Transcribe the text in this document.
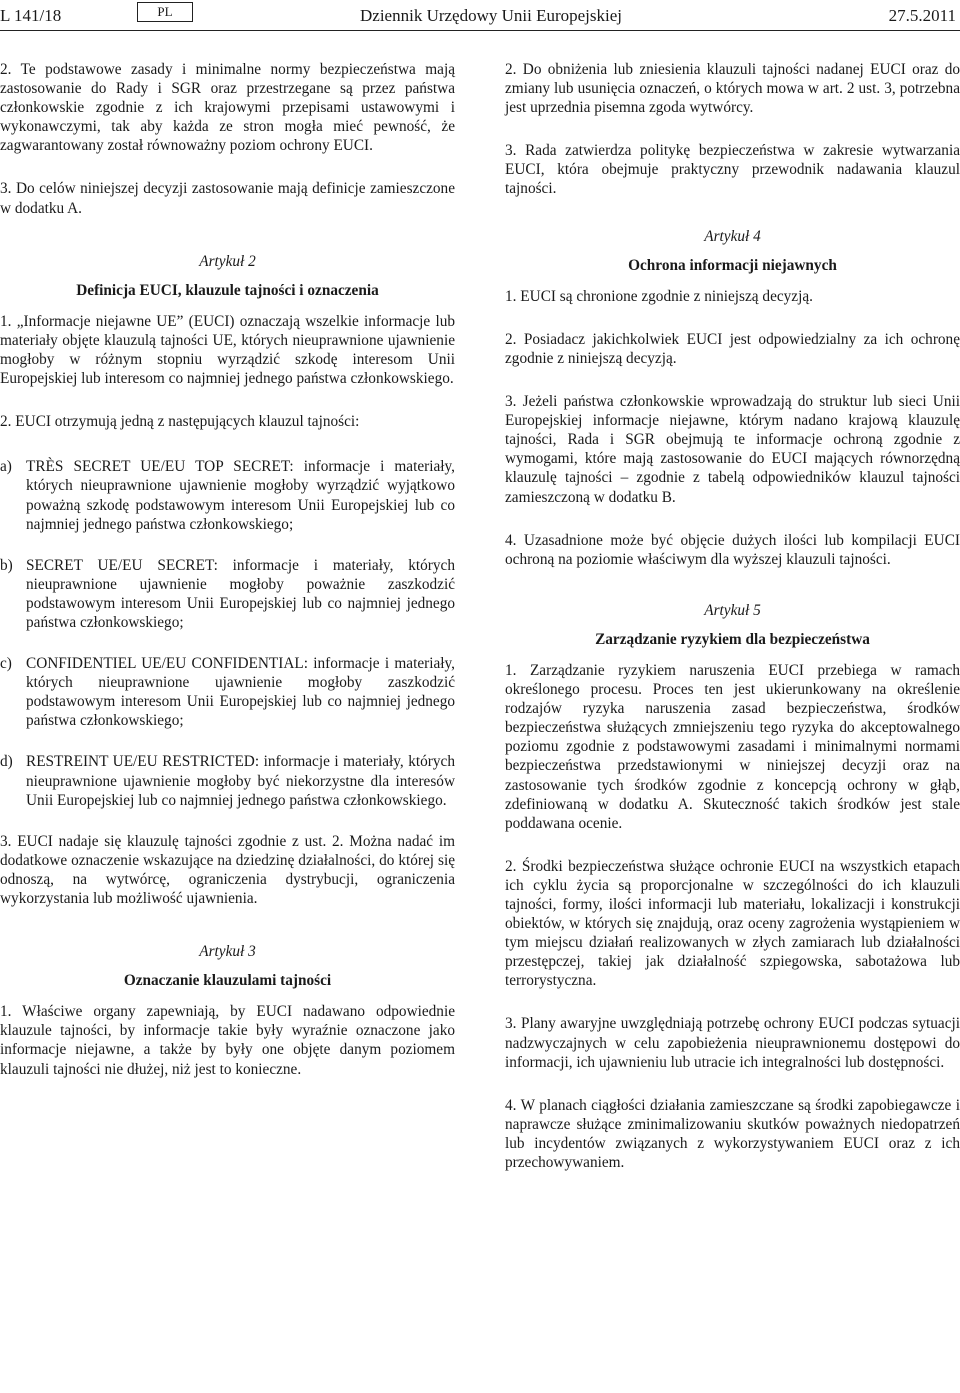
L 141/18	PL	Dziennik Urzędowy Unii Europejskiej	27.5.2011

2. Te podstawowe zasady i minimalne normy bezpieczeństwa mają zastosowanie do Rady i SGR oraz przestrzegane są przez państwa członkowskie zgodnie z ich krajowymi przepisami ustawowymi i wykonawczymi, tak aby każda ze stron mogła mieć pewność, że zagwarantowany został równoważny poziom ochrony EUCI.

3. Do celów niniejszej decyzji zastosowanie mają definicje zamieszczone w dodatku A.

Artykuł 2
Definicja EUCI, klauzule tajności i oznaczenia

1. „Informacje niejawne UE” (EUCI) oznaczają wszelkie informacje lub materiały objęte klauzulą tajności UE, których nieuprawnione ujawnienie mogłoby w różnym stopniu wyrządzić szkodę interesom Unii Europejskiej lub interesom co najmniej jednego państwa członkowskiego.

2. EUCI otrzymują jedną z następujących klauzul tajności:

a) TRÈS SECRET UE/EU TOP SECRET: informacje i materiały, których nieuprawnione ujawnienie mogłoby wyrządzić wyjątkowo poważną szkodę podstawowym interesom Unii Europejskiej lub co najmniej jednego państwa członkowskiego;
b) SECRET UE/EU SECRET: informacje i materiały, których nieuprawnione ujawnienie mogłoby poważnie zaszkodzić podstawowym interesom Unii Europejskiej lub co najmniej jednego państwa członkowskiego;
c) CONFIDENTIEL UE/EU CONFIDENTIAL: informacje i materiały, których nieuprawnione ujawnienie mogłoby zaszkodzić podstawowym interesom Unii Europejskiej lub co najmniej jednego państwa członkowskiego;
d) RESTREINT UE/EU RESTRICTED: informacje i materiały, których nieuprawnione ujawnienie mogłoby być niekorzystne dla interesów Unii Europejskiej lub co najmniej jednego państwa członkowskiego.

3. EUCI nadaje się klauzulę tajności zgodnie z ust. 2. Można nadać im dodatkowe oznaczenie wskazujące na dziedzinę działalności, do której się odnoszą, na wytwórcę, ograniczenia dystrybucji, ograniczenia wykorzystania lub możliwość ujawnienia.

Artykuł 3
Oznaczanie klauzulami tajności

1. Właściwe organy zapewniają, by EUCI nadawano odpowiednie klauzule tajności, by informacje takie były wyraźnie oznaczone jako informacje niejawne, a także by były one objęte danym poziomem klauzuli tajności nie dłużej, niż jest to konieczne.

2. Do obniżenia lub zniesienia klauzuli tajności nadanej EUCI oraz do zmiany lub usunięcia oznaczeń, o których mowa w art. 2 ust. 3, potrzebna jest uprzednia pisemna zgoda wytwórcy.

3. Rada zatwierdza politykę bezpieczeństwa w zakresie wytwarzania EUCI, która obejmuje praktyczny przewodnik nadawania klauzul tajności.

Artykuł 4
Ochrona informacji niejawnych

1. EUCI są chronione zgodnie z niniejszą decyzją.

2. Posiadacz jakichkolwiek EUCI jest odpowiedzialny za ich ochronę zgodnie z niniejszą decyzją.

3. Jeżeli państwa członkowskie wprowadzają do struktur lub sieci Unii Europejskiej informacje niejawne, którym nadano krajową klauzulę tajności, Rada i SGR obejmują te informacje ochroną zgodnie z wymogami, które mają zastosowanie do EUCI mających równorzędną klauzulę tajności – zgodnie z tabelą odpowiedników klauzul tajności zamieszczoną w dodatku B.

4. Uzasadnione może być objęcie dużych ilości lub kompilacji EUCI ochroną na poziomie właściwym dla wyższej klauzuli tajności.

Artykuł 5
Zarządzanie ryzykiem dla bezpieczeństwa

1. Zarządzanie ryzykiem naruszenia EUCI przebiega w ramach określonego procesu. Proces ten jest ukierunkowany na określenie rodzajów ryzyka naruszenia zasad bezpieczeństwa, środków bezpieczeństwa służących zmniejszeniu tego ryzyka do akceptowalnego poziomu zgodnie z podstawowymi zasadami i minimalnymi normami bezpieczeństwa przedstawionymi w niniejszej decyzji oraz na zastosowanie tych środków zgodnie z koncepcją ochrony w głąb, zdefiniowaną w dodatku A. Skuteczność takich środków jest stale poddawana ocenie.

2. Środki bezpieczeństwa służące ochronie EUCI na wszystkich etapach ich cyklu życia są proporcjonalne w szczególności do ich klauzuli tajności, formy, ilości informacji lub materiału, lokalizacji i konstrukcji obiektów, w których się znajdują, oraz oceny zagrożenia wystąpieniem w tym miejscu działań realizowanych w złych zamiarach lub działalności przestępczej, takiej jak działalność szpiegowska, sabotażowa lub terrorystyczna.

3. Plany awaryjne uwzględniają potrzebę ochrony EUCI podczas sytuacji nadzwyczajnych w celu zapobieżenia nieuprawnionemu dostępowi do informacji, ich ujawnieniu lub utracie ich integralności lub dostępności.

4. W planach ciągłości działania zamieszczane są środki zapobiegawcze i naprawcze służące zminimalizowaniu skutków poważnych niedopatrzeń lub incydentów związanych z wykorzystywaniem EUCI oraz z ich przechowywaniem.
